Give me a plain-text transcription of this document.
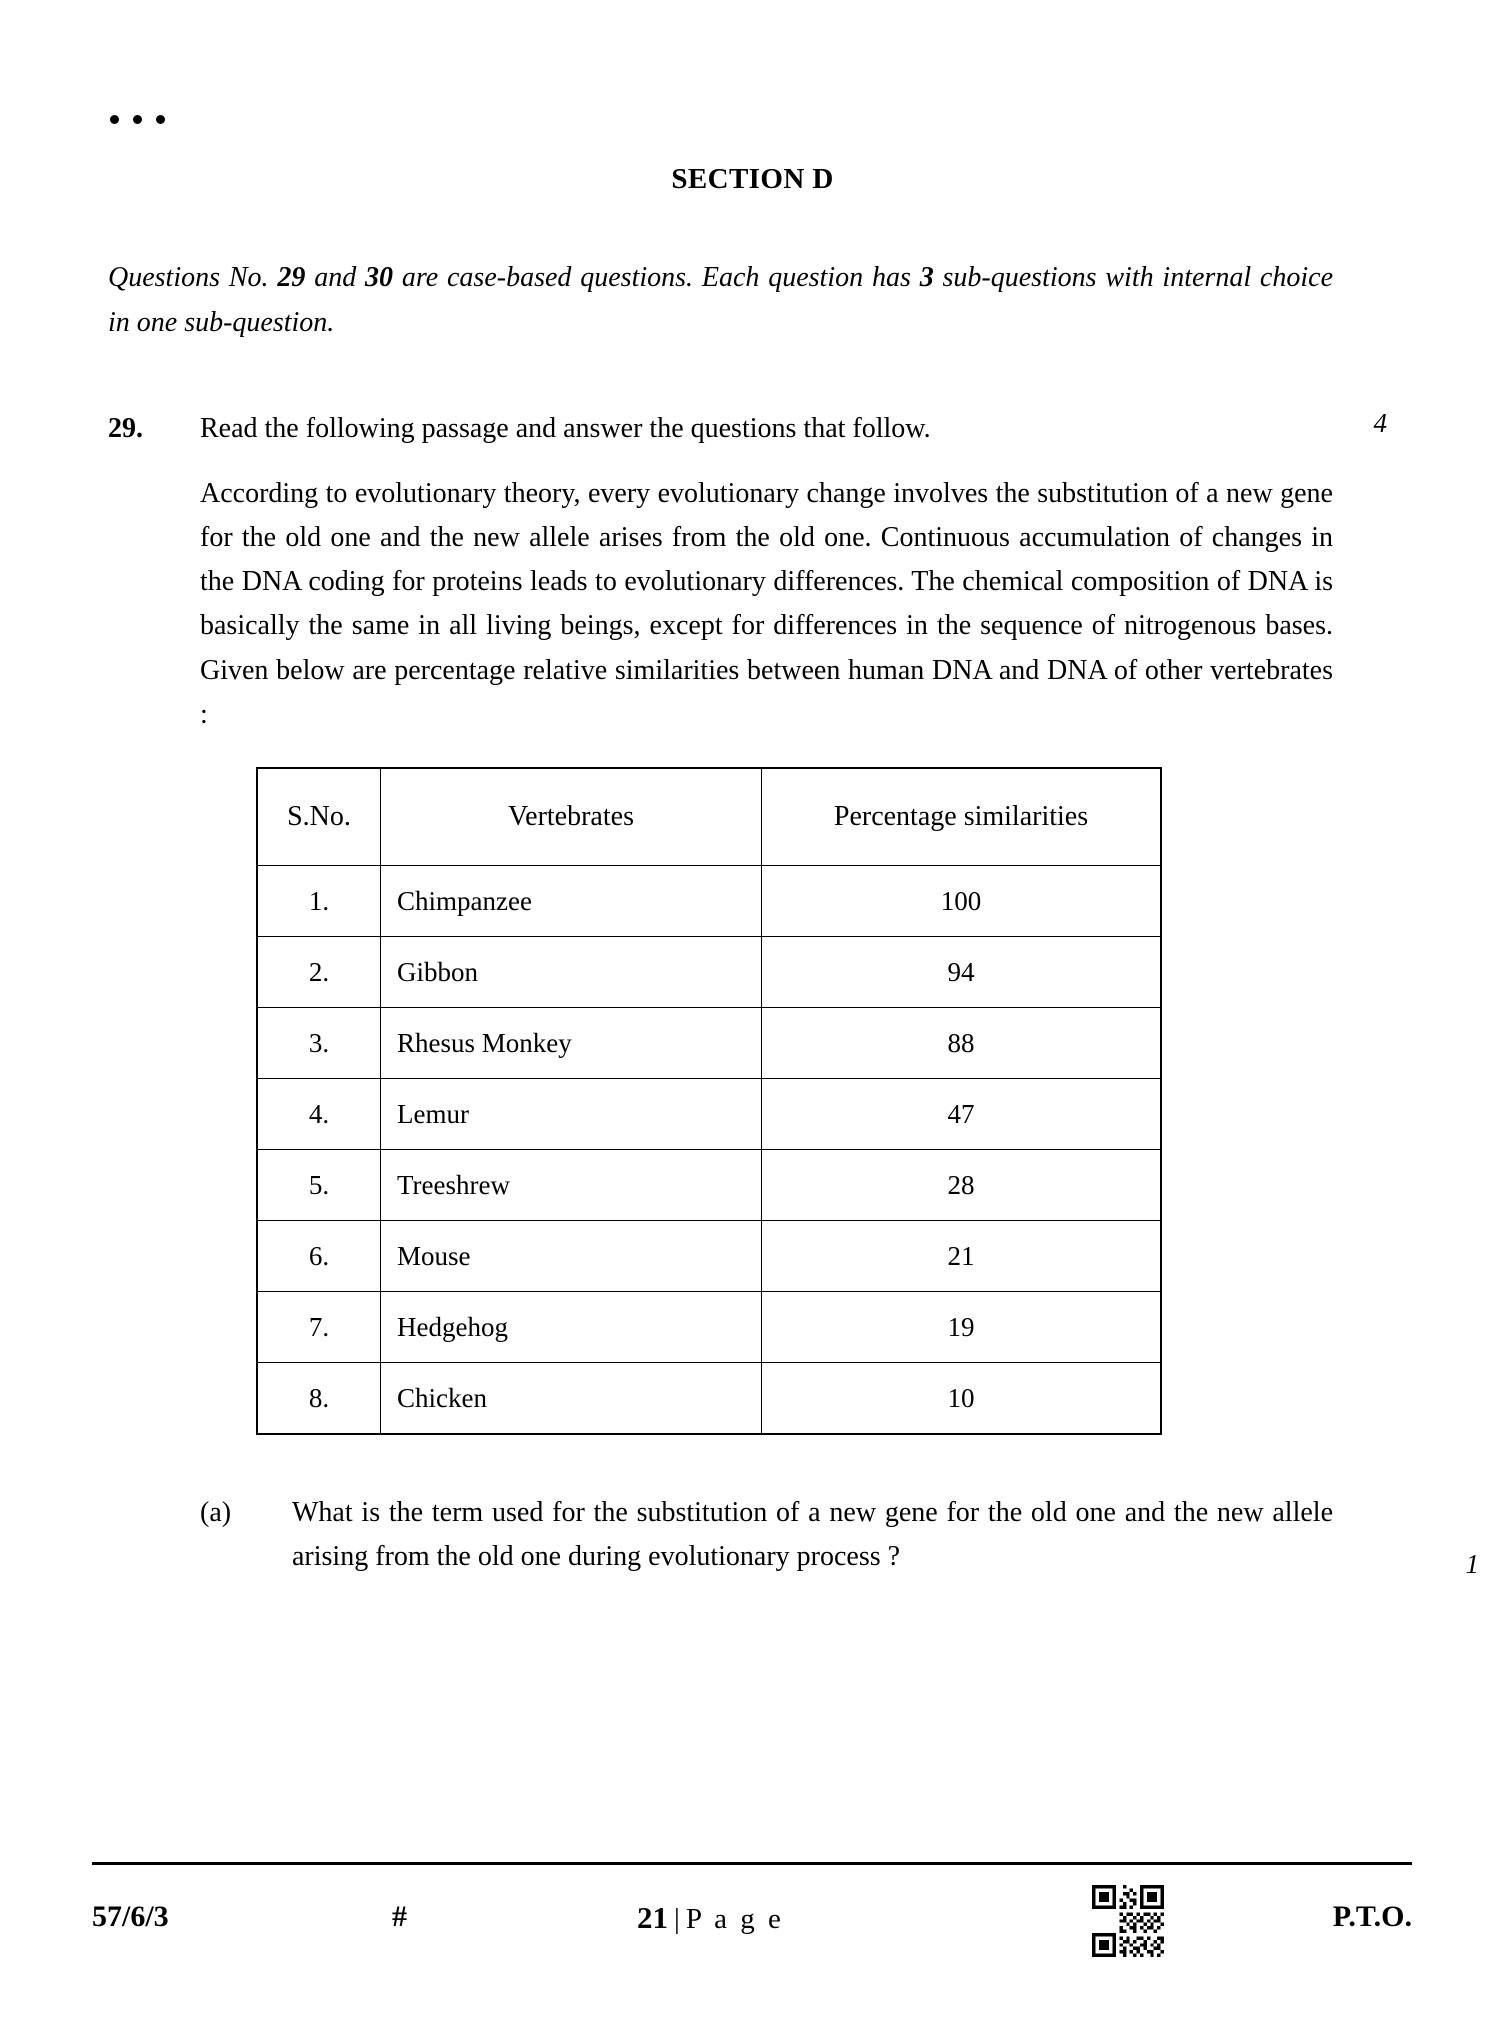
SECTION D

Questions No. 29 and 30 are case-based questions. Each question has 3 sub-questions with internal choice in one sub-question.

29.	Read the following passage and answer the questions that follow.	4

According to evolutionary theory, every evolutionary change involves the substitution of a new gene for the old one and the new allele arises from the old one. Continuous accumulation of changes in the DNA coding for proteins leads to evolutionary differences. The chemical composition of DNA is basically the same in all living beings, except for differences in the sequence of nitrogenous bases. Given below are percentage relative similarities between human DNA and DNA of other vertebrates :

S.No.	Vertebrates	Percentage similarities
1.	Chimpanzee	100
2.	Gibbon	94
3.	Rhesus Monkey	88
4.	Lemur	47
5.	Treeshrew	28
6.	Mouse	21
7.	Hedgehog	19
8.	Chicken	10
(a)	What is the term used for the substitution of a new gene for the old one and the new allele arising from the old one during evolutionary process ?	1
57/6/3	#	21 | P a g e	P.T.O.
